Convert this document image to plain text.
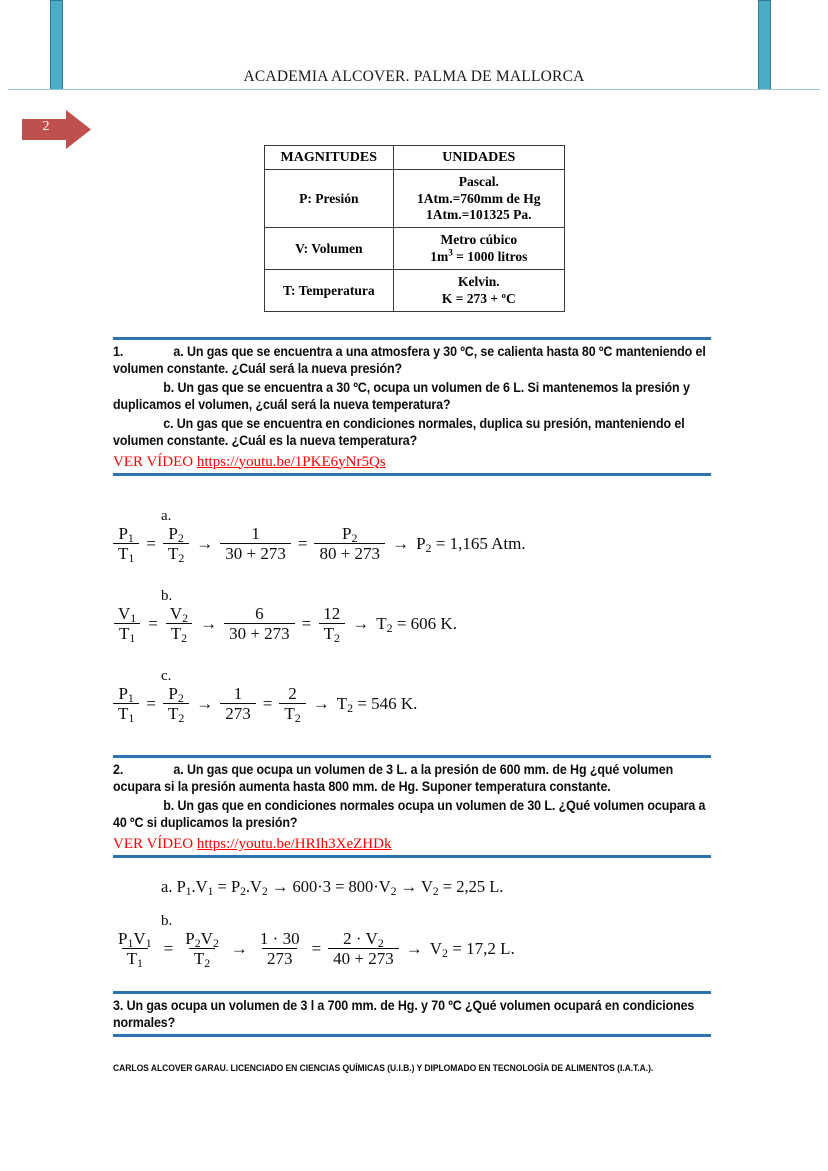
ACADEMIA ALCOVER. PALMA DE MALLORCA
2
MAGNITUDES	UNIDADES
P: Presión	Pascal.
1Atm.=760mm de Hg
1Atm.=101325 Pa.

V: Volumen	Metro cúbico
$1m^3 = 1000$ litros

T: Temperatura	Kelvin.
K = 273 + ºC

1.	a. Un gas que se encuentra a una atmosfera y 30 ºC, se calienta hasta 80 ºC manteniendo el volumen constante. ¿Cuál será la nueva presión?

b. Un gas que se encuentra a 30 ºC, ocupa un volumen de 6 L. Si mantenemos la presión y duplicamos el volumen, ¿cuál será la nueva temperatura?

c. Un gas que se encuentra en condiciones normales, duplica su presión, manteniendo el volumen constante. ¿Cuál es la nueva temperatura?

VER VÍDEO https://youtu.be/1PKE6yNr5Qs
a.
$\frac{P_1}{T_1} = \frac{P_2}{T_2} \to \frac{1}{30 + 273} = \frac{P_2}{80 + 273} \to P_2 = 1,165$ Atm.
b.
$\frac{V_1}{T_1} = \frac{V_2}{T_2} \to \frac{6}{30 + 273} = \frac{12}{T_2} \to T_2 = 606$ K.
c.
$\frac{P_1}{T_1} = \frac{P_2}{T_2} \to \frac{1}{273} = \frac{2}{T_2} \to T_2 = 546$ K.

2.	a. Un gas que ocupa un volumen de 3 L. a la presión de 600 mm. de Hg ¿qué volumen ocupara si la presión aumenta hasta 800 mm. de Hg. Suponer temperatura constante.

b. Un gas que en condiciones normales ocupa un volumen de 30 L. ¿Qué volumen ocupara a 40 ºC si duplicamos la presión?

VER VÍDEO https://youtu.be/HRIh3XeZHDk
a. $P_1.V_1 = P_2.V_2 \to 600\cdot 3 = 800\cdot V_2 \to V_2 = 2,25$ L.
b.
$\frac{P_1V_1}{T_1} = \frac{P_2V_2}{T_2} \to \frac{1 \cdot 30}{273} = \frac{2 \cdot V_2}{40 + 273} \to V_2 = 17,2$ L.

3. Un gas ocupa un volumen de 3 l a 700 mm. de Hg. y 70 ºC ¿Qué volumen ocupará en condiciones normales?

CARLOS ALCOVER GARAU. LICENCIADO EN CIENCIAS QUÍMICAS (U.I.B.) Y DIPLOMADO EN TECNOLOGÍA DE ALIMENTOS (I.A.T.A.).
